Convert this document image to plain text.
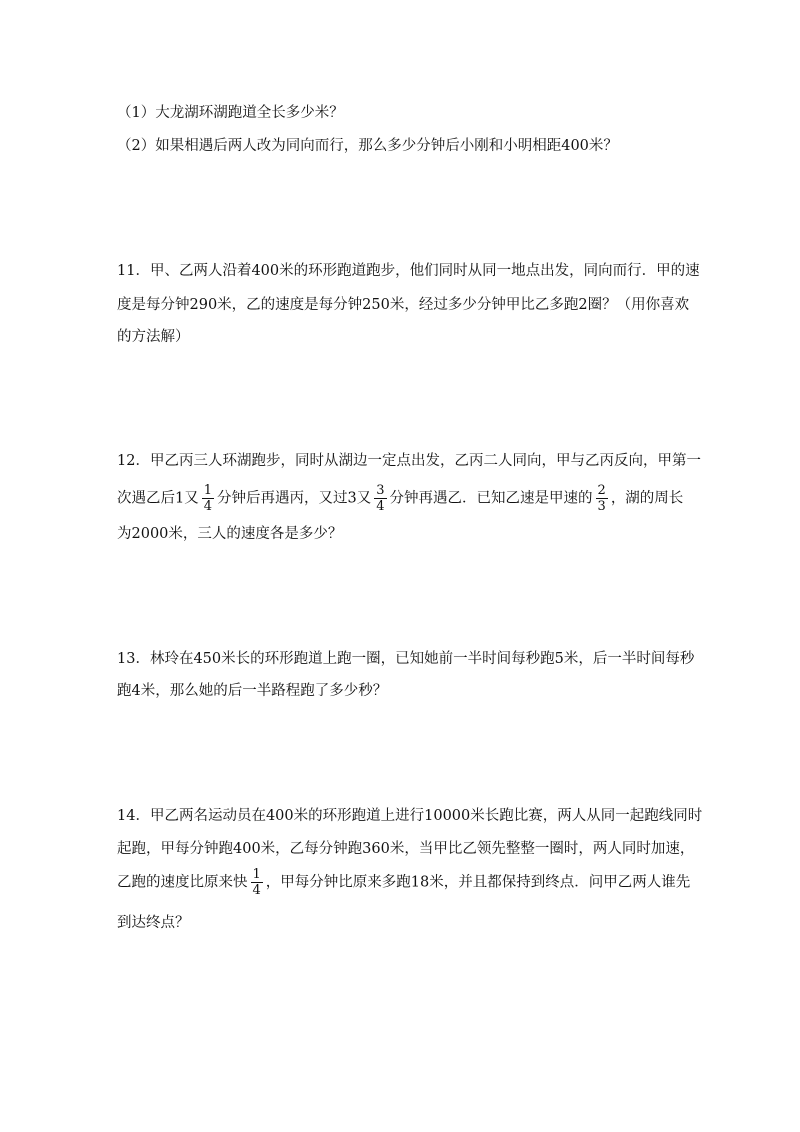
（1）大龙湖环湖跑道全长多少米？
（2）如果相遇后两人改为同向而行，那么多少分钟后小刚和小明相距400米？
11．甲、乙两人沿着400米的环形跑道跑步，他们同时从同一地点出发，同向而行．甲的速
度是每分钟290米，乙的速度是每分钟250米，经过多少分钟甲比乙多跑2圈？（用你喜欢
的方法解）
12．甲乙丙三人环湖跑步，同时从湖边一定点出发，乙丙二人同向，甲与乙丙反向，甲第一
次遇乙后1又 $\frac{1}{4}$ 分钟后再遇丙，又过3又 $\frac{3}{4}$ 分钟再遇乙．已知乙速是甲速的 $\frac{2}{3}$ ，湖的周长
为2000米，三人的速度各是多少？
13．林玲在450米长的环形跑道上跑一圈，已知她前一半时间每秒跑5米，后一半时间每秒
跑4米，那么她的后一半路程跑了多少秒？
14．甲乙两名运动员在400米的环形跑道上进行10000米长跑比赛，两人从同一起跑线同时
起跑，甲每分钟跑400米，乙每分钟跑360米，当甲比乙领先整整一圈时，两人同时加速，
乙跑的速度比原来快 $\frac{1}{4}$ ，甲每分钟比原来多跑18米，并且都保持到终点．问甲乙两人谁先
到达终点？
